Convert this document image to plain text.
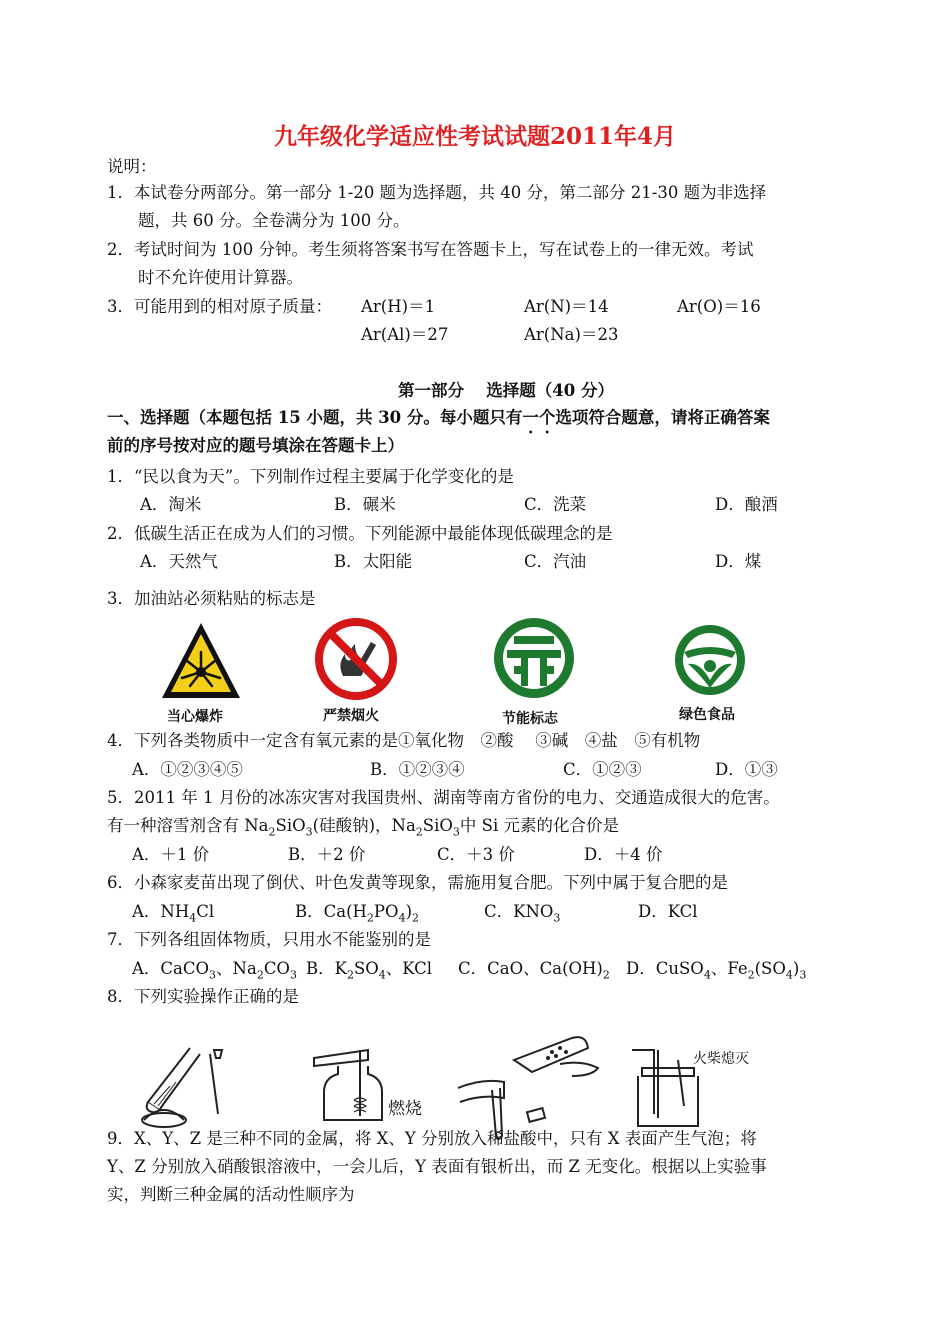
九年级化学适应性考试试题2011年4月
说明：
1．本试卷分两部分。第一部分 1-20 题为选择题，共 40 分，第二部分 21-30 题为非选择
题，共 60 分。全卷满分为 100 分。
2．考试时间为 100 分钟。考生须将答案书写在答题卡上，写在试卷上的一律无效。考试
时不允许使用计算器。
3．可能用到的相对原子质量： Ar(H)＝1	Ar(N)＝14	Ar(O)＝16
Ar(Al)＝27	Ar(Na)＝23
第一部分　 选择题（40 分）
一、选择题（本题包括 15 小题，共 30 分。每小题只有一个选项符合题意，请将正确答案
前的序号按对应的题号填涂在答题卡上）
1．“民以食为天”。下列制作过程主要属于化学变化的是
A．淘米	B．碾米	C．洗菜	D．酿酒
2．低碳生活正在成为人们的习惯。下列能源中最能体现低碳理念的是
A．天然气	B．太阳能	C．汽油	D．煤
3．加油站必须粘贴的标志是
当心爆炸	严禁烟火	节能标志	绿色食品
4．下列各类物质中一定含有氧元素的是①氧化物　②酸　 ③碱　④盐　⑤有机物
A．①②③④⑤	B．①②③④	C．①②③	D．①③
5．2011 年 1 月份的冰冻灾害对我国贵州、湖南等南方省份的电力、交通造成很大的危害。
有一种溶雪剂含有 $Na_2SiO_3$(硅酸钠)，$Na_2SiO_3$中 Si 元素的化合价是
A．＋1 价	B．＋2 价	C．＋3 价	D．＋4 价
6．小森家麦苗出现了倒伏、叶色发黄等现象，需施用复合肥。下列中属于复合肥的是
A．$NH_4Cl$	B．$Ca(H_2PO_4)_2$	C．$KNO_3$	D．KCl
7．下列各组固体物质，只用水不能鉴别的是
A．CaCO$_3$、$Na_2CO_3$ B．$K_2SO_4$、KCl C．CaO、$Ca(OH)_2$ D．CuSO$_4$、$Fe_2(SO_4)_3$
8．下列实验操作正确的是
燃烧
火柴熄灭
9．X、Y、Z 是三种不同的金属，将 X、Y 分别放入稀盐酸中，只有 X 表面产生气泡；将
Y、Z 分别放入硝酸银溶液中，一会儿后，Y 表面有银析出，而 Z 无变化。根据以上实验事
实，判断三种金属的活动性顺序为
